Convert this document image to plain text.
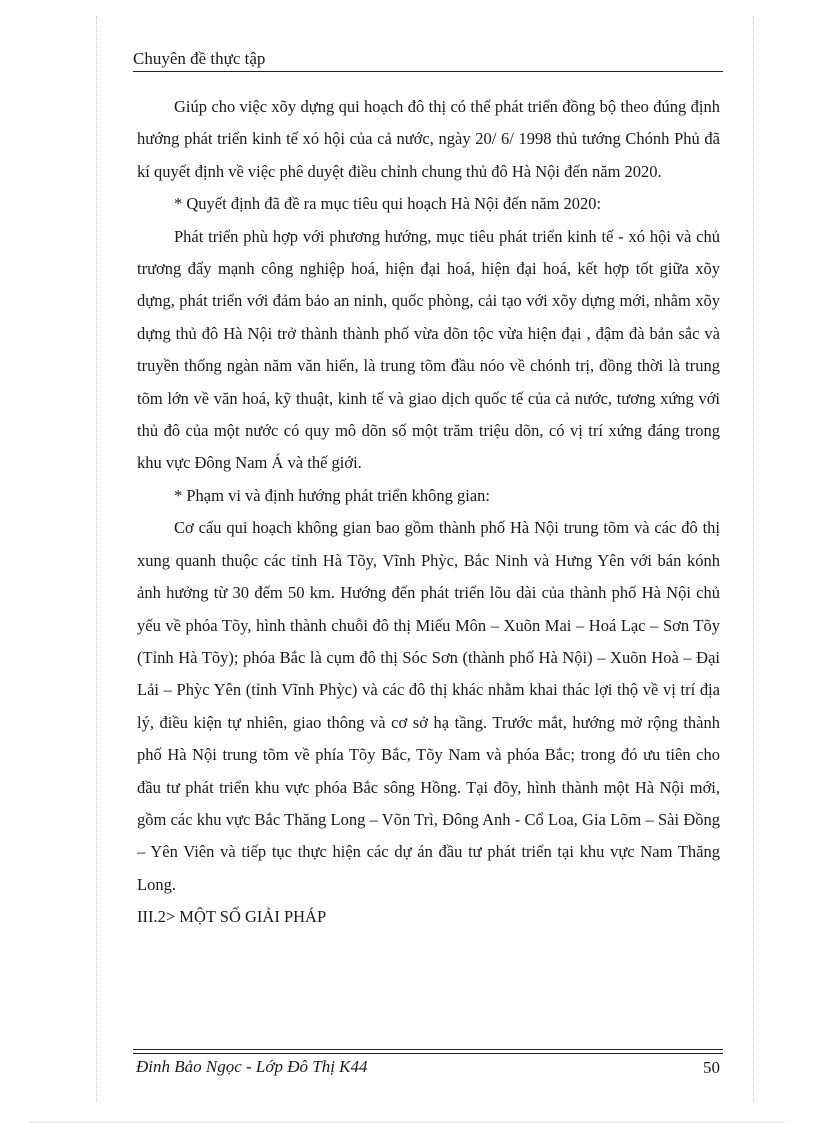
Chuyên đề thực tập

Giúp cho việc xõy dựng qui hoạch đô thị có thể phát triển đồng bộ theo đúng định hướng phát triển kinh tế xó hội của cả nước, ngày 20/ 6/ 1998 thủ tướng Chónh Phủ đã kí quyết định về việc phê duyệt điều chỉnh chung thủ đô Hà Nội đến năm 2020.

* Quyết định đã đề ra mục tiêu qui hoạch Hà Nội đến năm 2020:

Phát triển phù hợp với phương hướng, mục tiêu phát triển kinh tế - xó hội và chủ trương đẩy mạnh công nghiệp hoá, hiện đại hoá, hiện đại hoá, kết hợp tốt giữa xõy dựng, phát triển với đảm bảo an ninh, quốc phòng, cải tạo với xõy dựng mới, nhằm xõy dựng thủ đô Hà Nội trở thành thành phố vừa dõn tộc vừa hiện đại , đậm đà bản sắc và truyền thống ngàn năm văn hiến, là trung tõm đầu nóo về chónh trị, đồng thời là trung tõm lớn về văn hoá, kỹ thuật, kinh tế và giao dịch quốc tế của cả nước, tương xứng với thủ đô của một nước có quy mô dõn số một trăm triệu dõn, có vị trí xứng đáng trong khu vực Đông Nam Á và thế giới.

* Phạm vi và định hướng phát triển không gian:

Cơ cấu qui hoạch không gian bao gồm thành phố Hà Nội trung tõm và các đô thị xung quanh thuộc các tỉnh Hà Tõy, Vĩnh Phỳc, Bắc Ninh và Hưng Yên với bán kónh ảnh hưởng từ 30 đếm 50 km. Hướng đến phát triển lõu dài của thành phố Hà Nội chủ yếu về phóa Tõy, hình thành chuỗi đô thị Miếu Môn – Xuõn Mai – Hoá Lạc – Sơn Tõy (Tỉnh Hà Tõy); phóa Bắc là cụm đô thị Sóc Sơn (thành phố Hà Nội) – Xuõn Hoà – Đại Lải – Phỳc Yên (tỉnh Vĩnh Phỳc) và các đô thị khác nhằm khai thác lợi thộ về vị trí địa lý, điều kiện tự nhiên, giao thông và cơ sở hạ tầng. Trước mắt, hướng mở rộng thành phố Hà Nội trung tõm về phía Tõy Bắc, Tõy Nam và phóa Bắc; trong đó ưu tiên cho đầu tư phát triển khu vực phóa Bắc sông Hồng. Tại đõy, hình thành một Hà Nội mới, gồm các khu vực Bắc Thăng Long – Võn Trì, Đông Anh - Cổ Loa, Gia Lõm – Sài Đồng – Yên Viên và tiếp tục thực hiện các dự án đầu tư phát triển tại khu vực Nam Thăng Long.

III.2> MỘT SỐ GIẢI PHÁP

Đinh Bảo Ngọc - Lớp Đô Thị K44	50
